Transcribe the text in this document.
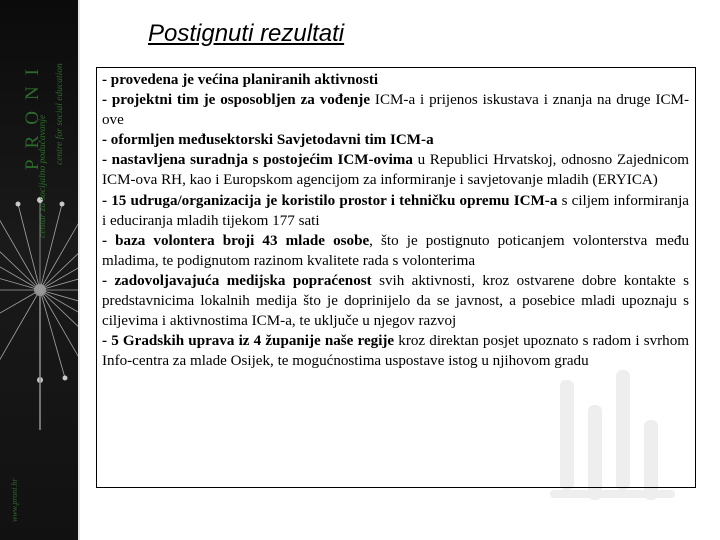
PRONI
centar za socijalno podučavanje
centre for social education
www.proni.hr
Postignuti rezultati

- provedena je većina planiranih aktivnosti

- projektni tim je osposobljen za vođenje ICM-a i prijenos iskustava i znanja na druge ICM-ove

- oformljen međusektorski Savjetodavni tim ICM-a

- nastavljena suradnja s postojećim ICM-ovima u Republici Hrvatskoj, odnosno Zajednicom ICM-ova RH, kao i Europskom agencijom za informiranje i savjetovanje mladih (ERYICA)

- 15 udruga/organizacija je koristilo prostor i tehničku opremu ICM-a s ciljem informiranja i educiranja mladih tijekom 177 sati

- baza volontera broji 43 mlade osobe, što je postignuto poticanjem volonterstva među mladima, te podignutom razinom kvalitete rada s volonterima

- zadovoljavajuća medijska popraćenost svih aktivnosti, kroz ostvarene dobre kontakte s predstavnicima lokalnih medija što je doprinijelo da se javnost, a posebice mladi upoznaju s ciljevima i aktivnostima ICM-a, te uključe u njegov razvoj

- 5 Gradskih uprava iz 4 županije naše regije kroz direktan posjet upoznato s radom i svrhom Info-centra za mlade Osijek, te mogućnostima uspostave istog u njihovom gradu
